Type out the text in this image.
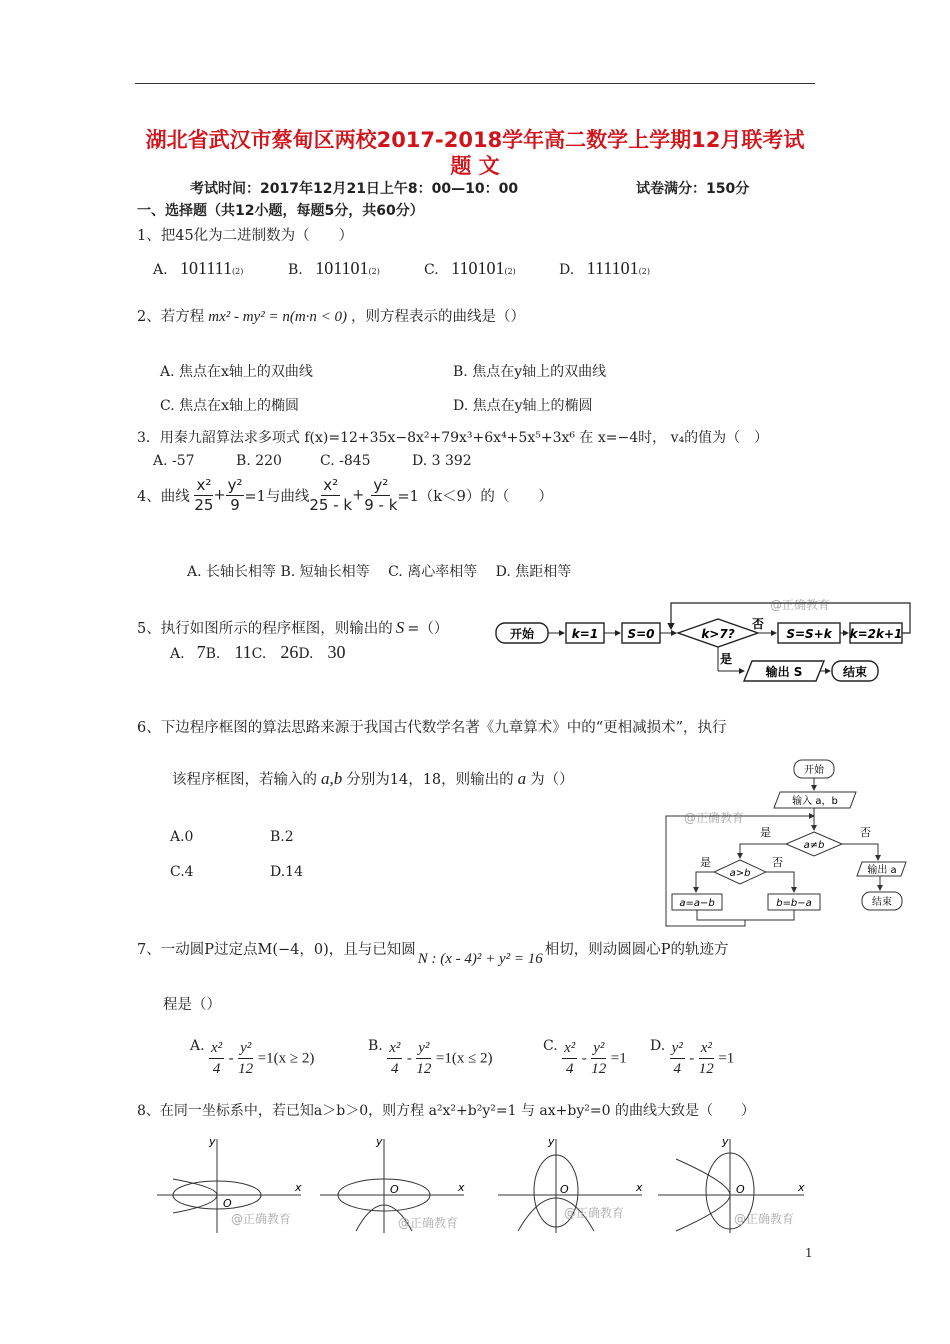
湖北省武汉市蔡甸区两校2017-2018学年高二数学上学期12月联考试
题 文
考试时间：2017年12月21日上午8：00—10：00	试卷满分：150分
一、选择题（共12小题，每题5分，共60分）
1、把45化为二进制数为（　　）
A. 101111(2)	B. 101101(2)	C. 110101(2)	D. 111101(2)
2、若方程 mx² - my² = n(m·n < 0) ，则方程表示的曲线是（）
A. 焦点在x轴上的双曲线	B. 焦点在y轴上的双曲线
C. 焦点在x轴上的椭圆	D. 焦点在y轴上的椭圆
3．用秦九韶算法求多项式 f(x)=12+35x−8x²+79x³+6x⁴+5x⁵+3x⁶ 在 x=−4时， v₄的值为（　）
A. -57	B. 220	C. -845	D. 3 392
4、曲线 $\frac{\text{x²}}{25} + \frac{\text{y²}}{9} =1$与曲线 $\frac{\text{x²}}{25 - k} + \frac{\text{y²}}{9 - k} =1(k<9)$的（　　）
A. 长轴长相等 B. 短轴长相等　 C. 离心率相等　 D. 焦距相等
5、执行如图所示的程序框图，则输出的 S =（）
A. 7B. 11C. 26D. 30
@正确教育
开始	k=1 S=0	k>7?
否
S=S+k k=2k+1
是
输出 S	结束
6、下边程序框图的算法思路来源于我国古代数学名著《九章算术》中的“更相减损术”，执行
该程序框图，若输入的 a,b 分别为14，18，则输出的 a 为（）
A.0	B.2
C.4	D.14
开始
输入 a，b
@正确教育
a≠b
是	否
a>b
是	否
a=a−b	b=b−a
输出 a
结束
7、一动圆P过定点M(−4，0)，且与已知圆N : (x - 4)² + y² = 16相切，则动圆圆心P的轨迹方
程是（）
A. $\frac{\text{x²}}{4} - \frac{\text{y²}}{12} =1(x \ge 2)$
B. $\frac{\text{x²}}{4} - \frac{\text{y²}}{12} =1(x \le 2)$
C. $\frac{\text{x²}}{4} - \frac{\text{y²}}{12} =1$
D. $\frac{\text{y²}}{4} - \frac{\text{x²}}{12} =1$
8、在同一坐标系中，若已知a＞b＞0，则方程 a²x²+b²y²=1 与 ax+by²=0 的曲线大致是（　　）
x
y
O
@正确教育
x
y
O
@正确教育
x
y
O
@正确教育
x
y
O
@正确教育
1
